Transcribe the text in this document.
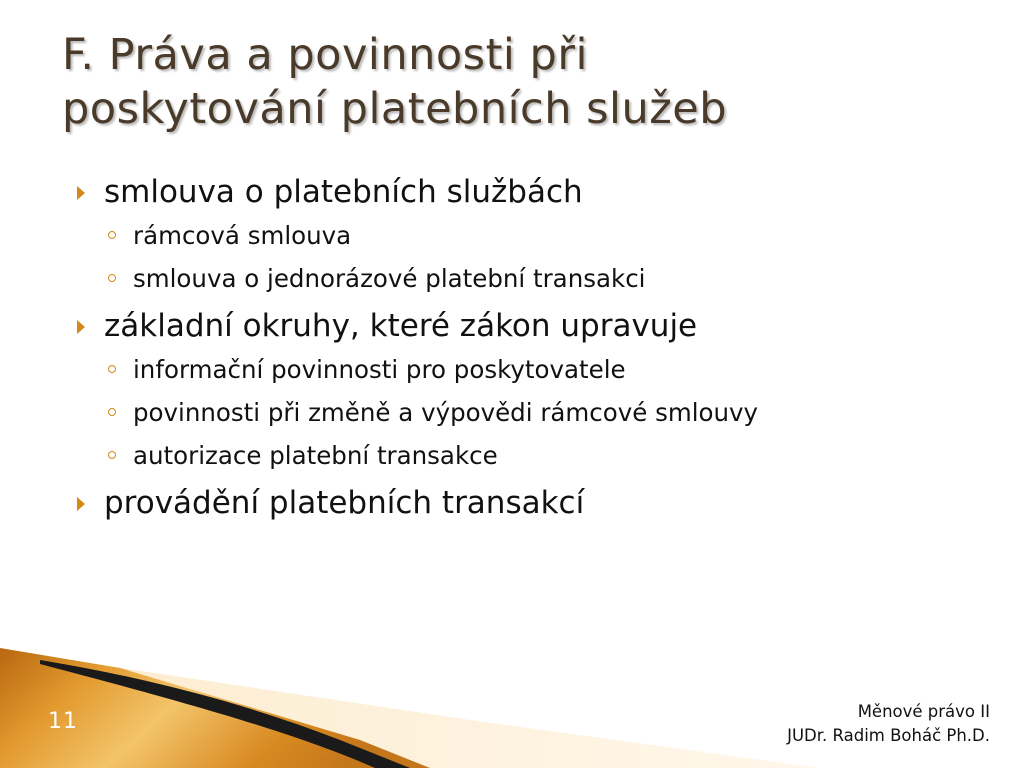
F. Práva a povinnosti při
poskytování platebních služeb
smlouva o platebních službách
rámcová smlouva
smlouva o jednorázové platební transakci
základní okruhy, které zákon upravuje
informační povinnosti pro poskytovatele
povinnosti při změně a výpovědi rámcové smlouvy
autorizace platební transakce
provádění platebních transakcí
11	Měnové právo II
JUDr. Radim Boháč Ph.D.
